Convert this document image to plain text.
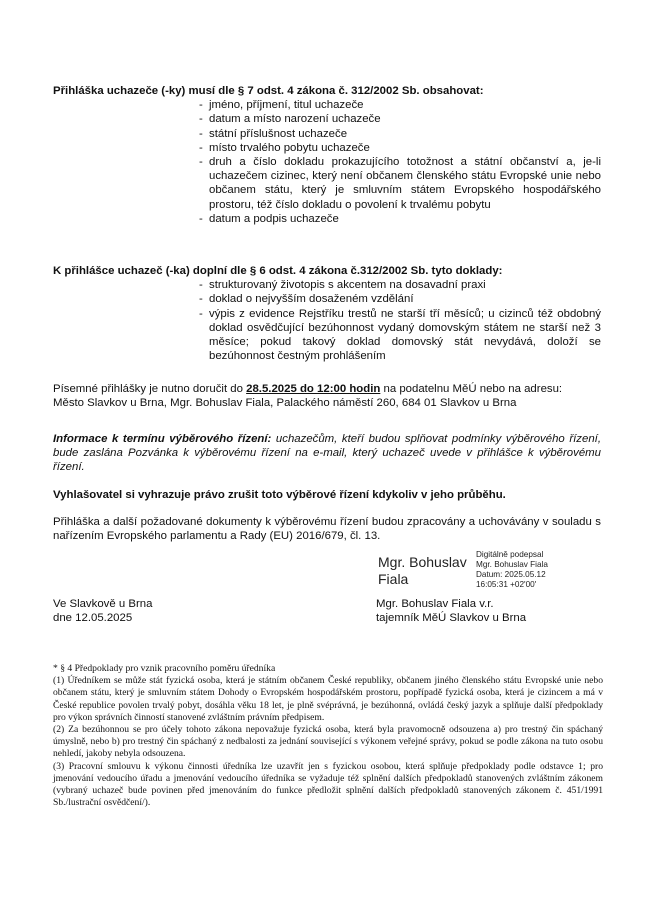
Přihláška uchazeče (-ky) musí dle § 7 odst. 4 zákona č. 312/2002 Sb. obsahovat:

- jméno, příjmení, titul uchazeče
- datum a místo narození uchazeče
- státní příslušnost uchazeče
- místo trvalého pobytu uchazeče
- druh a číslo dokladu prokazujícího totožnost a státní občanství a, je-li uchazečem cizinec, který není občanem členského státu Evropské unie nebo občanem státu, který je smluvním státem Evropského hospodářského prostoru, též číslo dokladu o povolení k trvalému pobytu
- datum a podpis uchazeče

K přihlášce uchazeč (-ka) doplní dle § 6 odst. 4 zákona č.312/2002 Sb. tyto doklady:

- strukturovaný životopis s akcentem na dosavadní praxi
- doklad o nejvyšším dosaženém vzdělání
- výpis z evidence Rejstříku trestů ne starší tří měsíců; u cizinců též obdobný doklad osvědčující bezúhonnost vydaný domovským státem ne starší než 3 měsíce; pokud takový doklad domovský stát nevydává, doloží se bezúhonnost čestným prohlášením

Písemné přihlášky je nutno doručit do 28.5.2025 do 12:00 hodin na podatelnu MěÚ nebo na adresu:

Město Slavkov u Brna, Mgr. Bohuslav Fiala, Palackého náměstí 260, 684 01 Slavkov u Brna

Informace k termínu výběrového řízení: uchazečům, kteří budou splňovat podmínky výběrového řízení, bude zaslána Pozvánka k výběrovému řízení na e-mail, který uchazeč uvede v přihlášce k výběrovému řízení.

Vyhlašovatel si vyhrazuje právo zrušit toto výběrové řízení kdykoliv v jeho průběhu.

Přihláška a další požadované dokumenty k výběrovému řízení budou zpracovány a uchovávány v souladu s nařízením Evropského parlamentu a Rady (EU) 2016/679, čl. 13.

Mgr. Bohuslav
Fiala
Digitálně podepsal
Mgr. Bohuslav Fiala
Datum: 2025.05.12
16:05:31 +02'00'

Ve Slavkově u Brna

dne 12.05.2025

Mgr. Bohuslav Fiala v.r.

tajemník MěÚ Slavkov u Brna

* § 4 Předpoklady pro vznik pracovního poměru úředníka

(1) Úředníkem se může stát fyzická osoba, která je státním občanem České republiky, občanem jiného členského státu Evropské unie nebo občanem státu, který je smluvním státem Dohody o Evropském hospodářském prostoru, popřípadě fyzická osoba, která je cizincem a má v České republice povolen trvalý pobyt, dosáhla věku 18 let, je plně svéprávná, je bezúhonná, ovládá český jazyk a splňuje další předpoklady pro výkon správních činností stanovené zvláštním právním předpisem.

(2) Za bezúhonnou se pro účely tohoto zákona nepovažuje fyzická osoba, která byla pravomocně odsouzena a) pro trestný čin spáchaný úmyslně, nebo b) pro trestný čin spáchaný z nedbalosti za jednání související s výkonem veřejné správy, pokud se podle zákona na tuto osobu nehledí, jakoby nebyla odsouzena.

(3) Pracovní smlouvu k výkonu činnosti úředníka lze uzavřít jen s fyzickou osobou, která splňuje předpoklady podle odstavce 1; pro jmenování vedoucího úřadu a jmenování vedoucího úředníka se vyžaduje též splnění dalších předpokladů stanovených zvláštním zákonem (vybraný uchazeč bude povinen před jmenováním do funkce předložit splnění dalších předpokladů stanovených zákonem č. 451/1991 Sb./lustrační osvědčení/).
